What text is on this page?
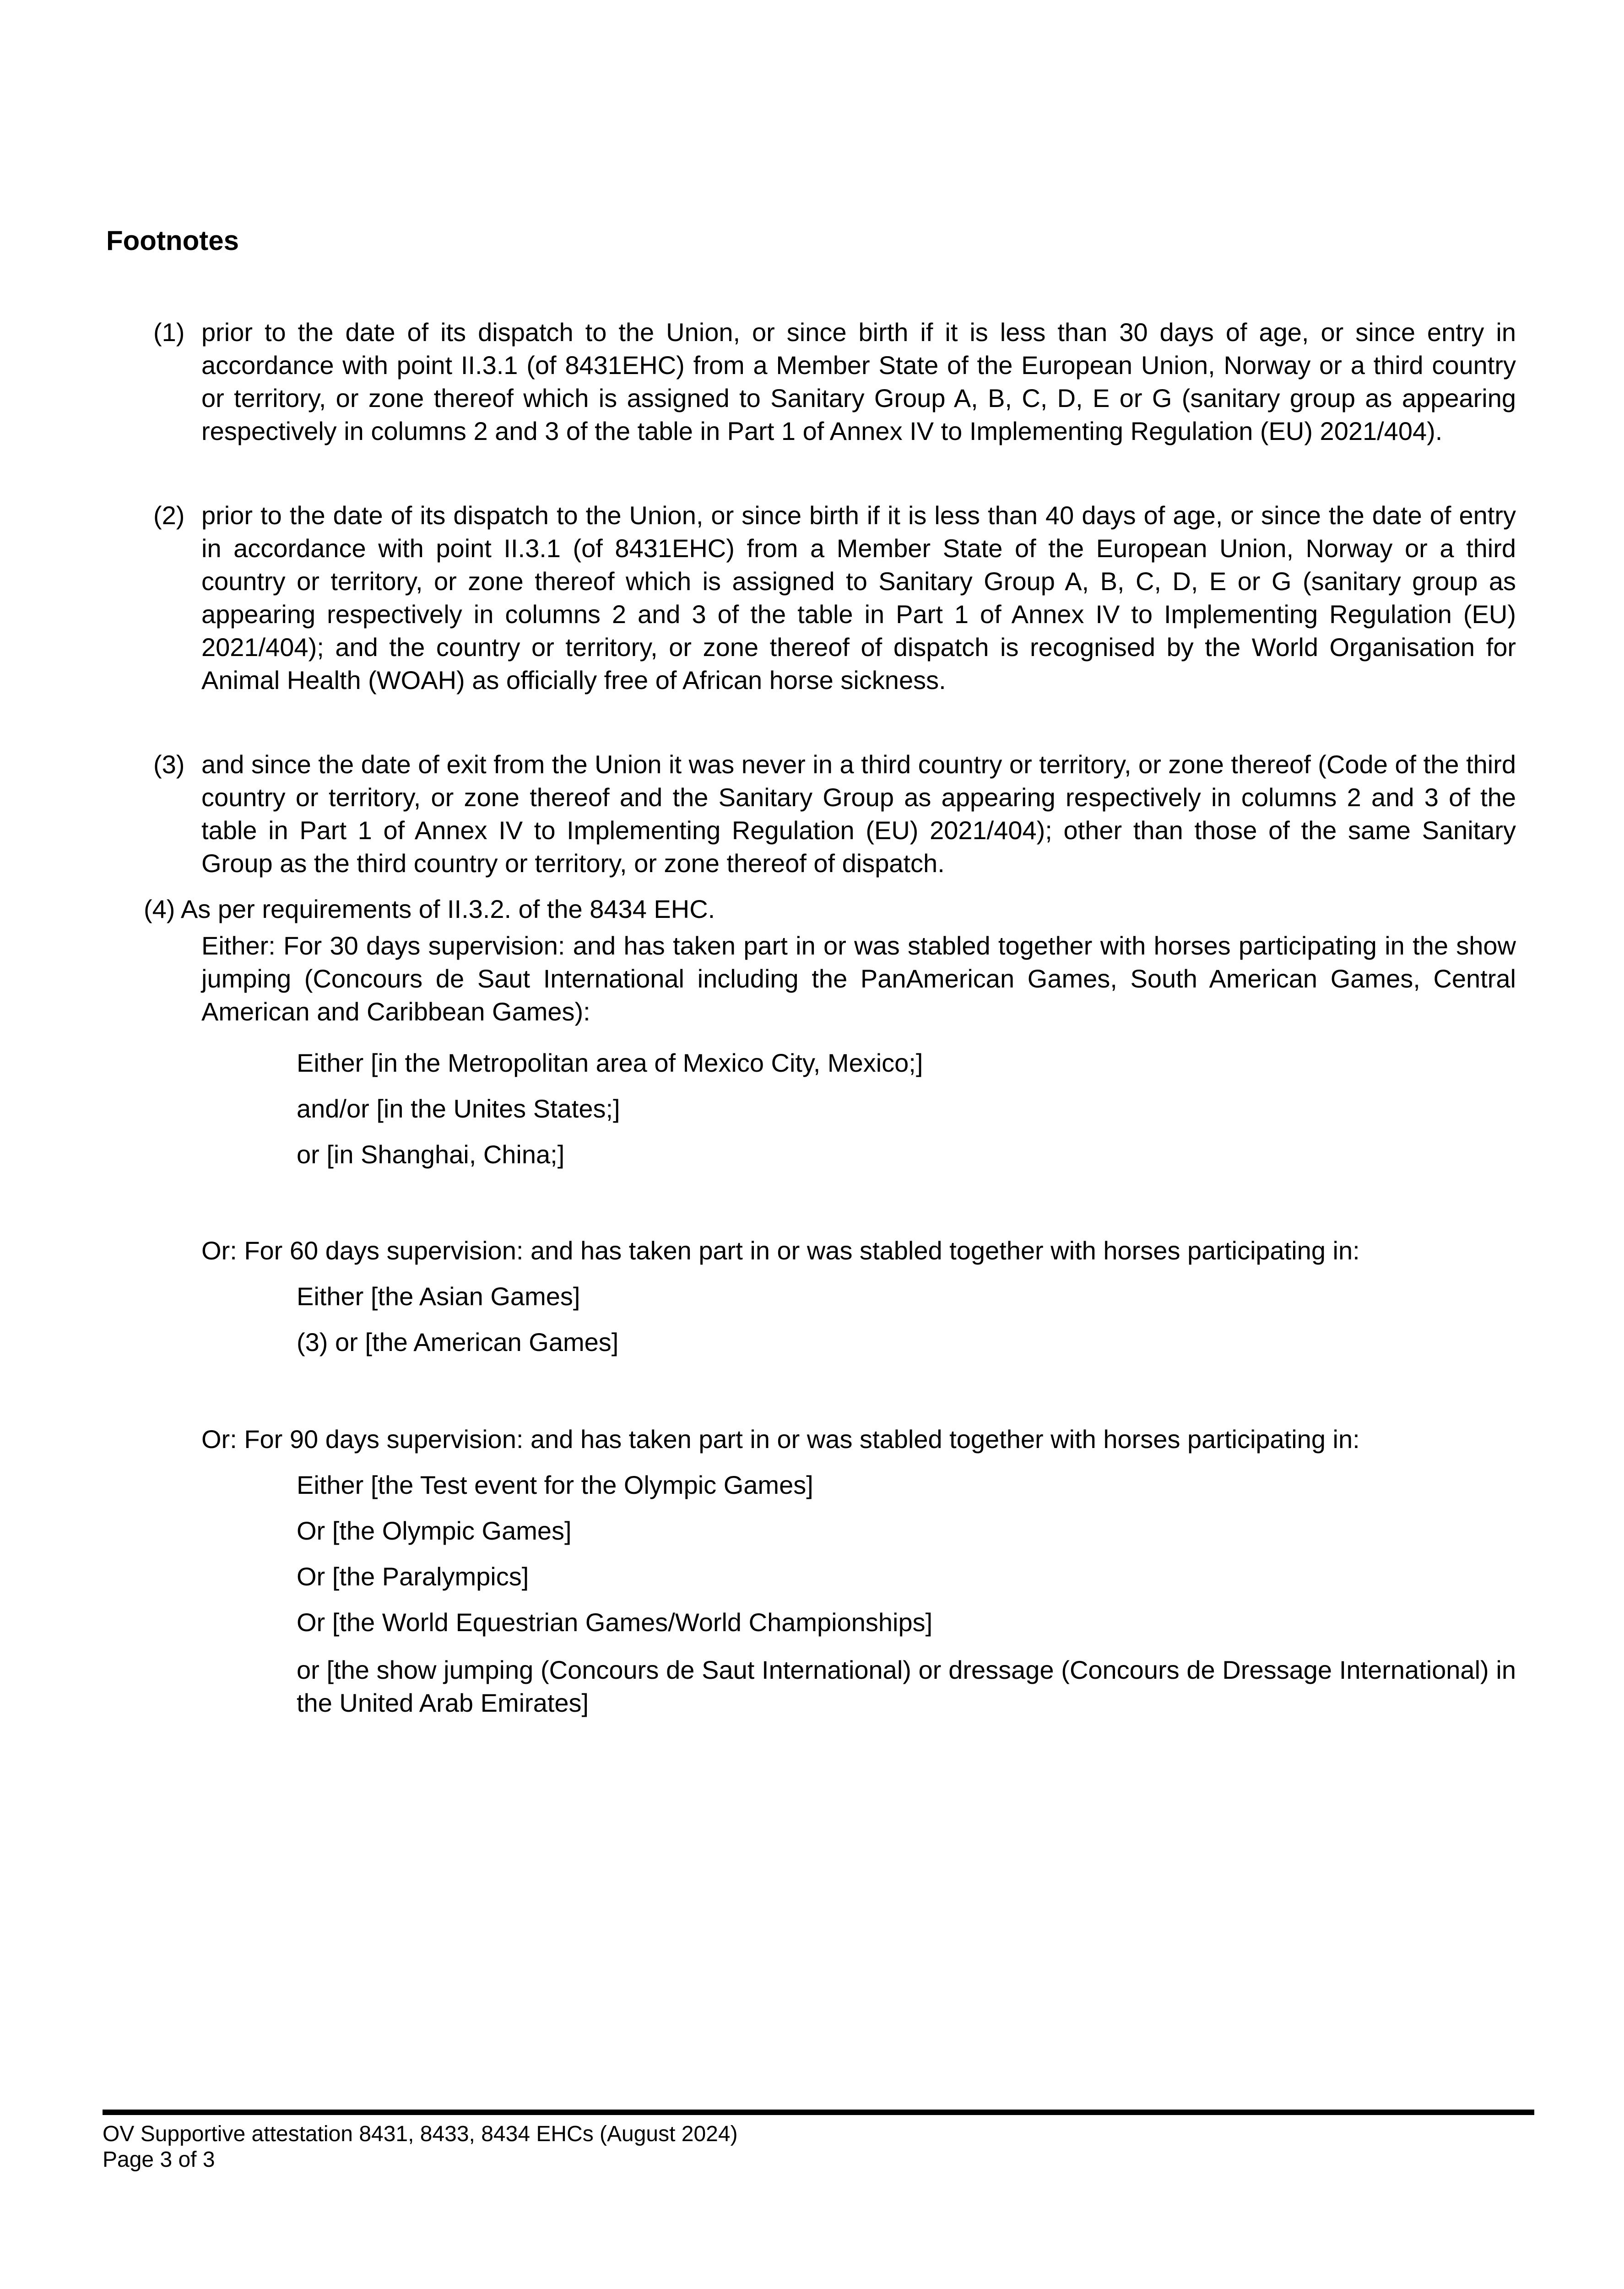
Footnotes
(1) prior to the date of its dispatch to the Union, or since birth if it is less than 30 days of age, or since entry in accordance with point II.3.1 (of 8431EHC) from a Member State of the European Union, Norway or a third country or territory, or zone thereof which is assigned to Sanitary Group A, B, C, D, E or G (sanitary group as appearing respectively in columns 2 and 3 of the table in Part 1 of Annex IV to Implementing Regulation (EU) 2021/404).

(2) prior to the date of its dispatch to the Union, or since birth if it is less than 40 days of age, or since the date of entry in accordance with point II.3.1 (of 8431EHC) from a Member State of the European Union, Norway or a third country or territory, or zone thereof which is assigned to Sanitary Group A, B, C, D, E or G (sanitary group as appearing respectively in columns 2 and 3 of the table in Part 1 of Annex IV to Implementing Regulation (EU) 2021/404); and the country or territory, or zone thereof of dispatch is recognised by the World Organisation for Animal Health (WOAH) as officially free of African horse sickness.

(3) and since the date of exit from the Union it was never in a third country or territory, or zone thereof (Code of the third country or territory, or zone thereof and the Sanitary Group as appearing respectively in columns 2 and 3 of the table in Part 1 of Annex IV to Implementing Regulation (EU) 2021/404); other than those of the same Sanitary Group as the third country or territory, or zone thereof of dispatch.

(4) As per requirements of II.3.2. of the 8434 EHC.

Either: For 30 days supervision: and has taken part in or was stabled together with horses participating in the show jumping (Concours de Saut International including the PanAmerican Games, South American Games, Central American and Caribbean Games):

Either [in the Metropolitan area of Mexico City, Mexico;]
and/or [in the Unites States;]
or [in Shanghai, China;]
Or: For 60 days supervision: and has taken part in or was stabled together with horses participating in:
Either [the Asian Games]
(3) or [the American Games]
Or: For 90 days supervision: and has taken part in or was stabled together with horses participating in:
Either [the Test event for the Olympic Games]
Or [the Olympic Games]
Or [the Paralympics]
Or [the World Equestrian Games/World Championships]

or [the show jumping (Concours de Saut International) or dressage (Concours de Dressage International) in the United Arab Emirates]

OV Supportive attestation 8431, 8433, 8434 EHCs (August 2024)
Page 3 of 3
